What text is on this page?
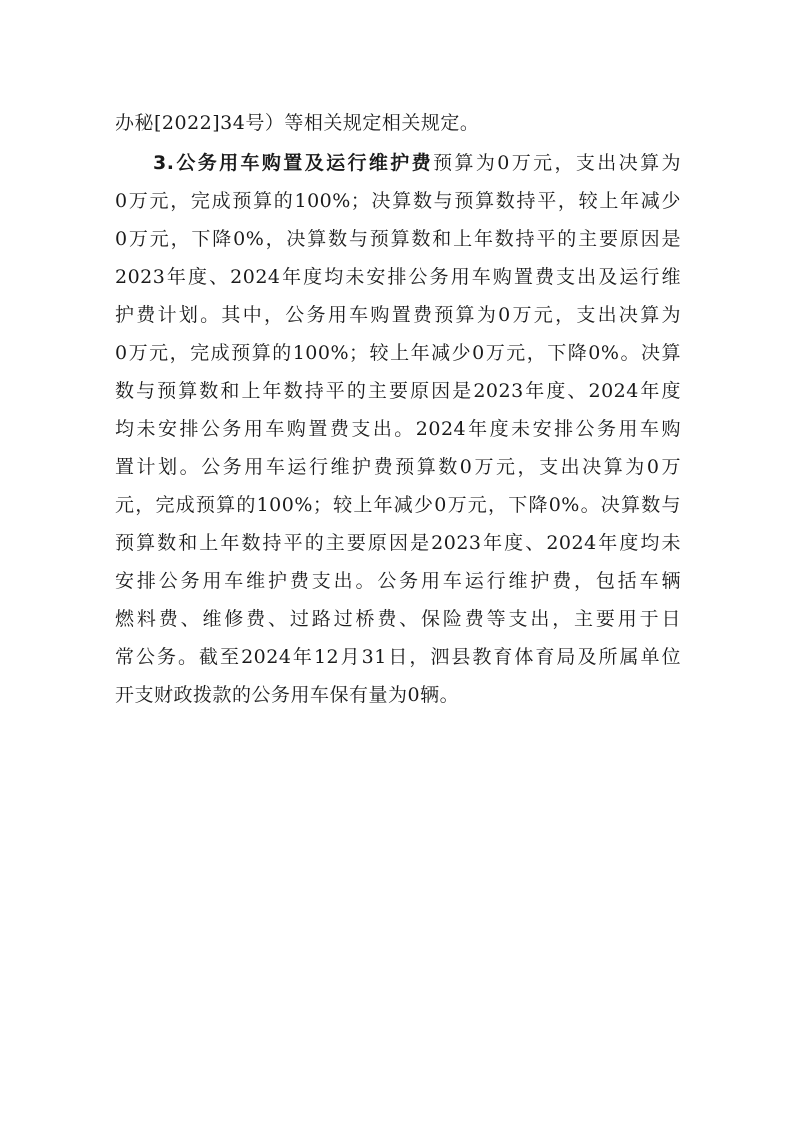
办秘[2022]34号）等相关规定相关规定。
3.公务用车购置及运行维护费预算为0万元，支出决算为
0万元，完成预算的100%；决算数与预算数持平，较上年减少
0万元，下降0%，决算数与预算数和上年数持平的主要原因是
2023年度、2024年度均未安排公务用车购置费支出及运行维
护费计划。其中，公务用车购置费预算为0万元，支出决算为
0万元，完成预算的100%；较上年减少0万元，下降0%。决算
数与预算数和上年数持平的主要原因是2023年度、2024年度
均未安排公务用车购置费支出。2024年度未安排公务用车购
置计划。公务用车运行维护费预算数0万元，支出决算为0万
元，完成预算的100%；较上年减少0万元，下降0%。决算数与
预算数和上年数持平的主要原因是2023年度、2024年度均未
安排公务用车维护费支出。公务用车运行维护费，包括车辆
燃料费、维修费、过路过桥费、保险费等支出，主要用于日
常公务。截至2024年12月31日，泗县教育体育局及所属单位
开支财政拨款的公务用车保有量为0辆。
